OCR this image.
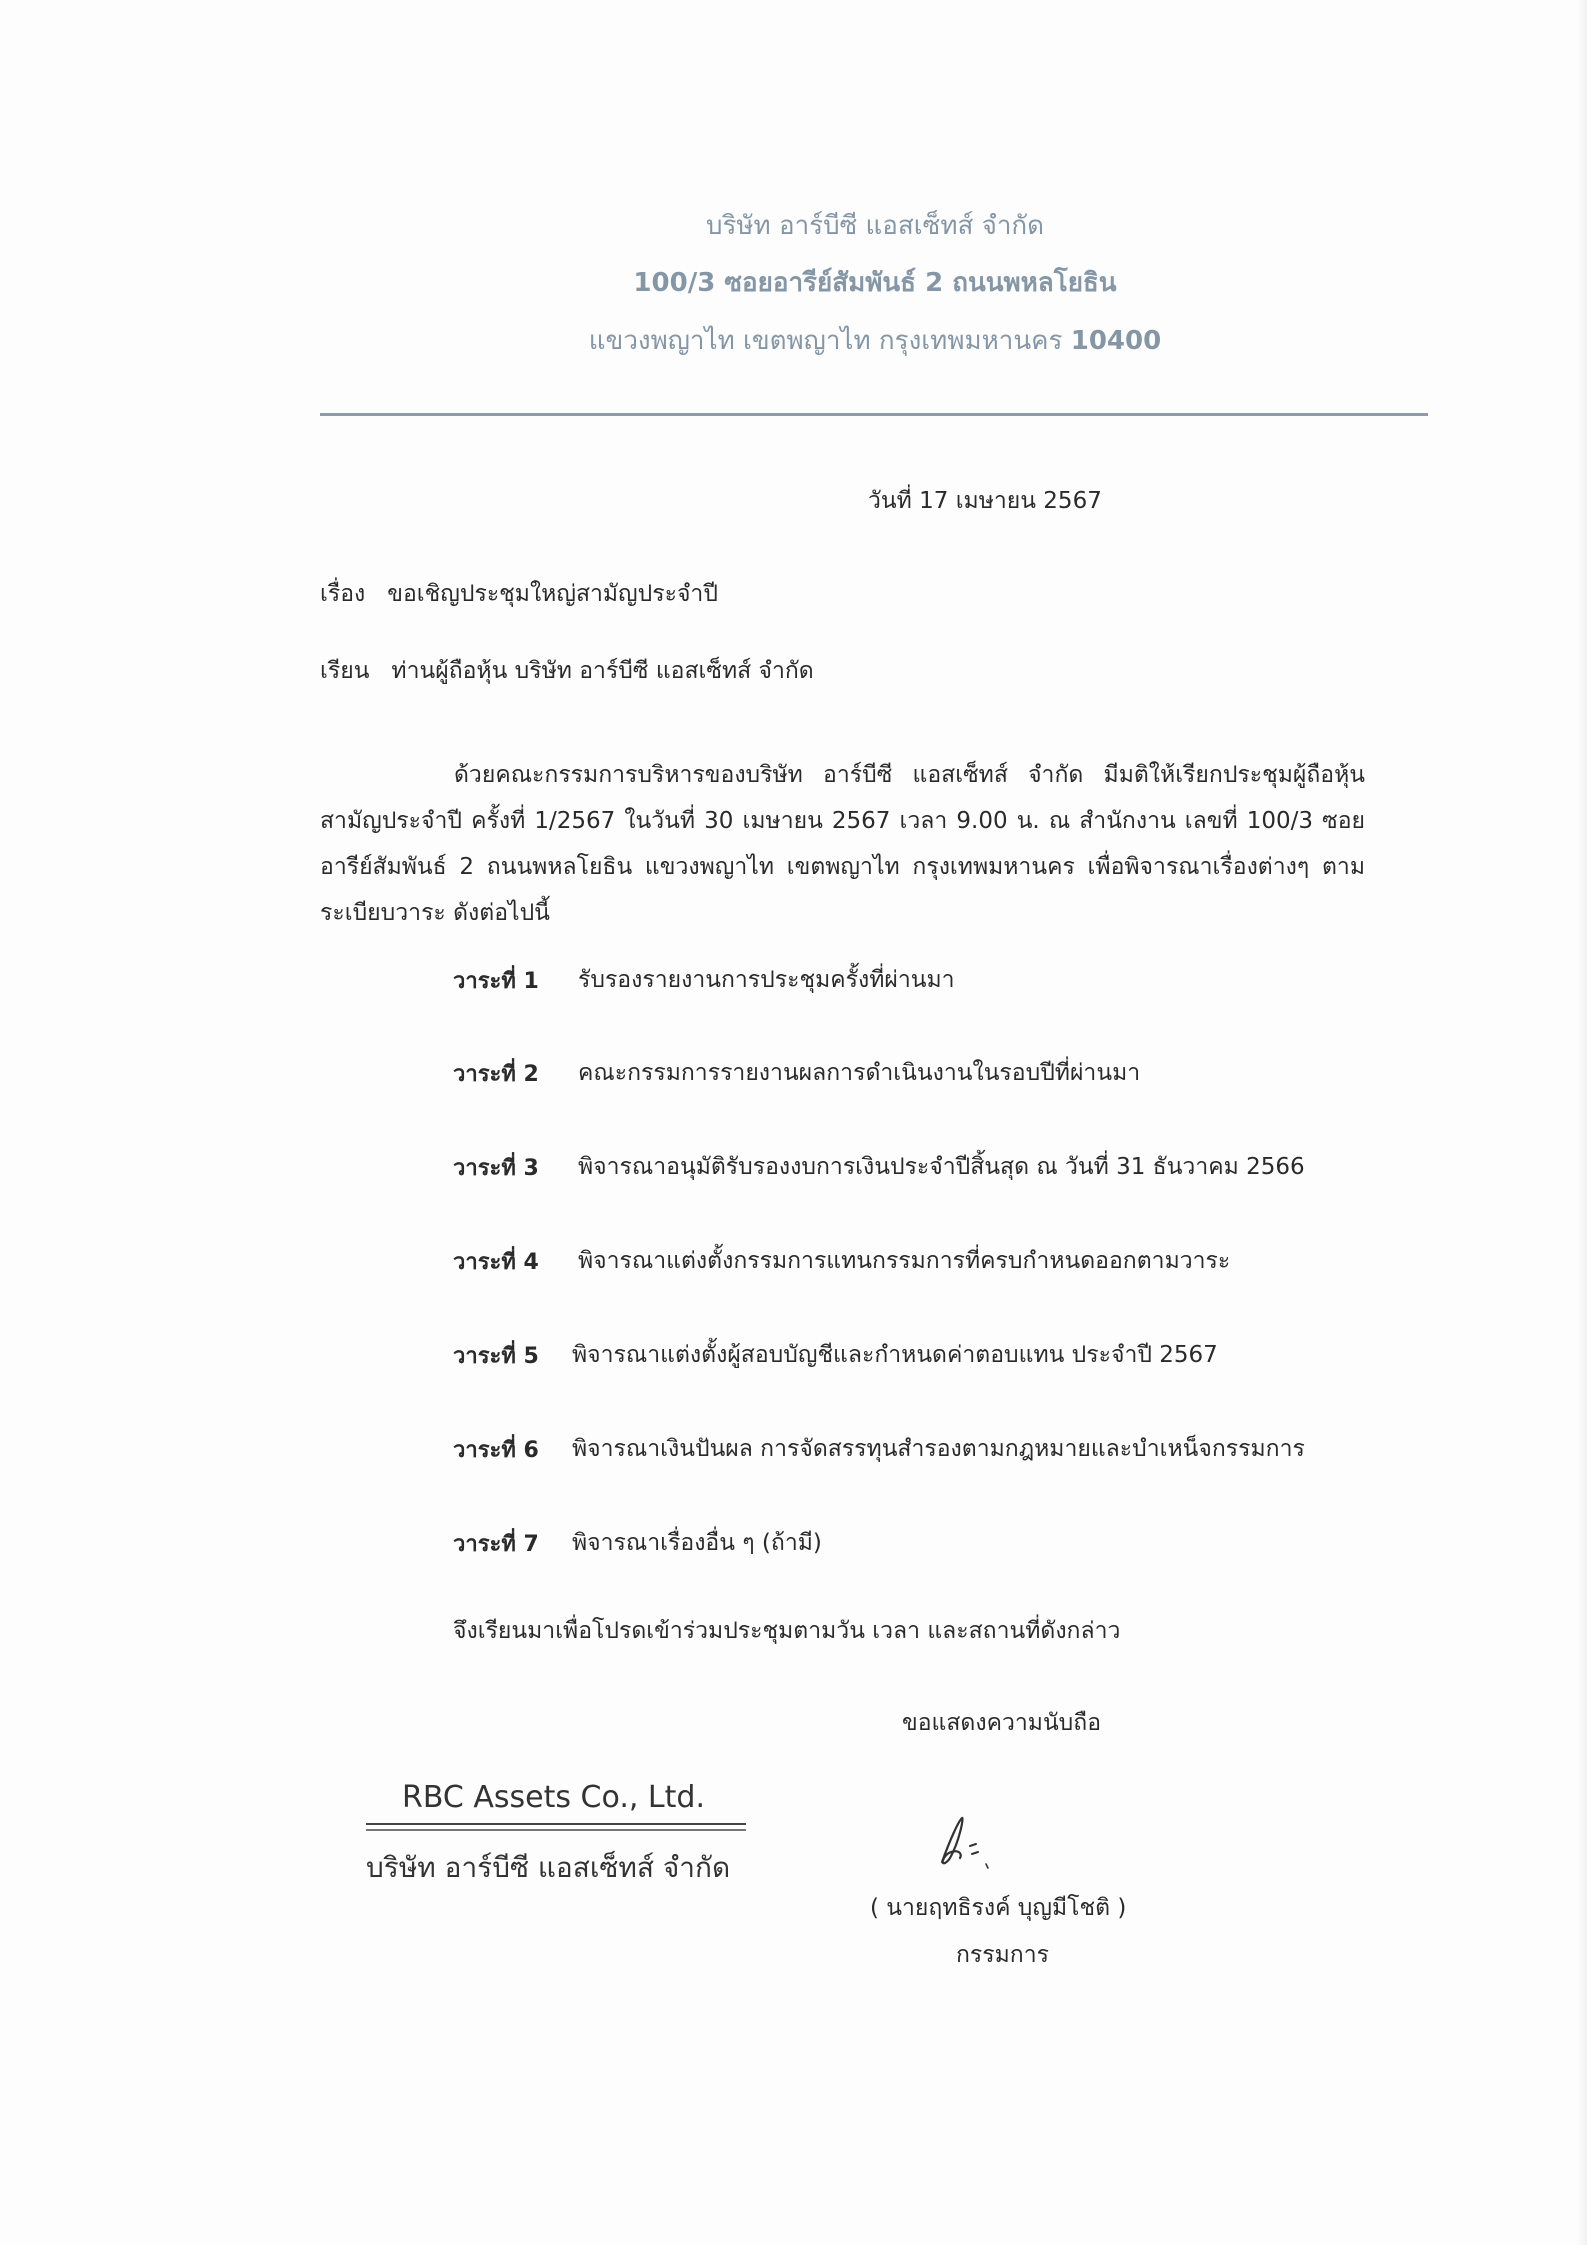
บริษัท อาร์บีซี แอสเซ็ทส์ จำกัด
100/3 ซอยอารีย์สัมพันธ์ 2 ถนนพหลโยธิน
แขวงพญาไท เขตพญาไท กรุงเทพมหานคร 10400
วันที่ 17 เมษายน 2567
เรื่อง ขอเชิญประชุมใหญ่สามัญประจำปี
เรียน ท่านผู้ถือหุ้น บริษัท อาร์บีซี แอสเซ็ทส์ จำกัด
ด้วยคณะกรรมการบริหารของบริษัท อาร์บีซี แอสเซ็ทส์ จำกัด มีมติให้เรียกประชุมผู้ถือหุ้นสามัญประจำปี ครั้งที่ 1/2567 ในวันที่ 30 เมษายน 2567 เวลา 9.00 น. ณ สำนักงาน เลขที่ 100/3 ซอยอารีย์สัมพันธ์ 2 ถนนพหลโยธิน แขวงพญาไท เขตพญาไท กรุงเทพมหานคร เพื่อพิจารณาเรื่องต่างๆ ตามระเบียบวาระ ดังต่อไปนี้
วาระที่ 1 รับรองรายงานการประชุมครั้งที่ผ่านมา
วาระที่ 2 คณะกรรมการรายงานผลการดำเนินงานในรอบปีที่ผ่านมา
วาระที่ 3 พิจารณาอนุมัติรับรองงบการเงินประจำปีสิ้นสุด ณ วันที่ 31 ธันวาคม 2566
วาระที่ 4 พิจารณาแต่งตั้งกรรมการแทนกรรมการที่ครบกำหนดออกตามวาระ
วาระที่ 5 พิจารณาแต่งตั้งผู้สอบบัญชีและกำหนดค่าตอบแทน ประจำปี 2567
วาระที่ 6 พิจารณาเงินปันผล การจัดสรรทุนสำรองตามกฎหมายและบำเหน็จกรรมการ
วาระที่ 7 พิจารณาเรื่องอื่น ๆ (ถ้ามี)
จึงเรียนมาเพื่อโปรดเข้าร่วมประชุมตามวัน เวลา และสถานที่ดังกล่าว
ขอแสดงความนับถือ
RBC Assets Co., Ltd.
บริษัท อาร์บีซี แอสเซ็ทส์ จำกัด
( นายฤทธิรงค์ บุญมีโชติ )
กรรมการ
